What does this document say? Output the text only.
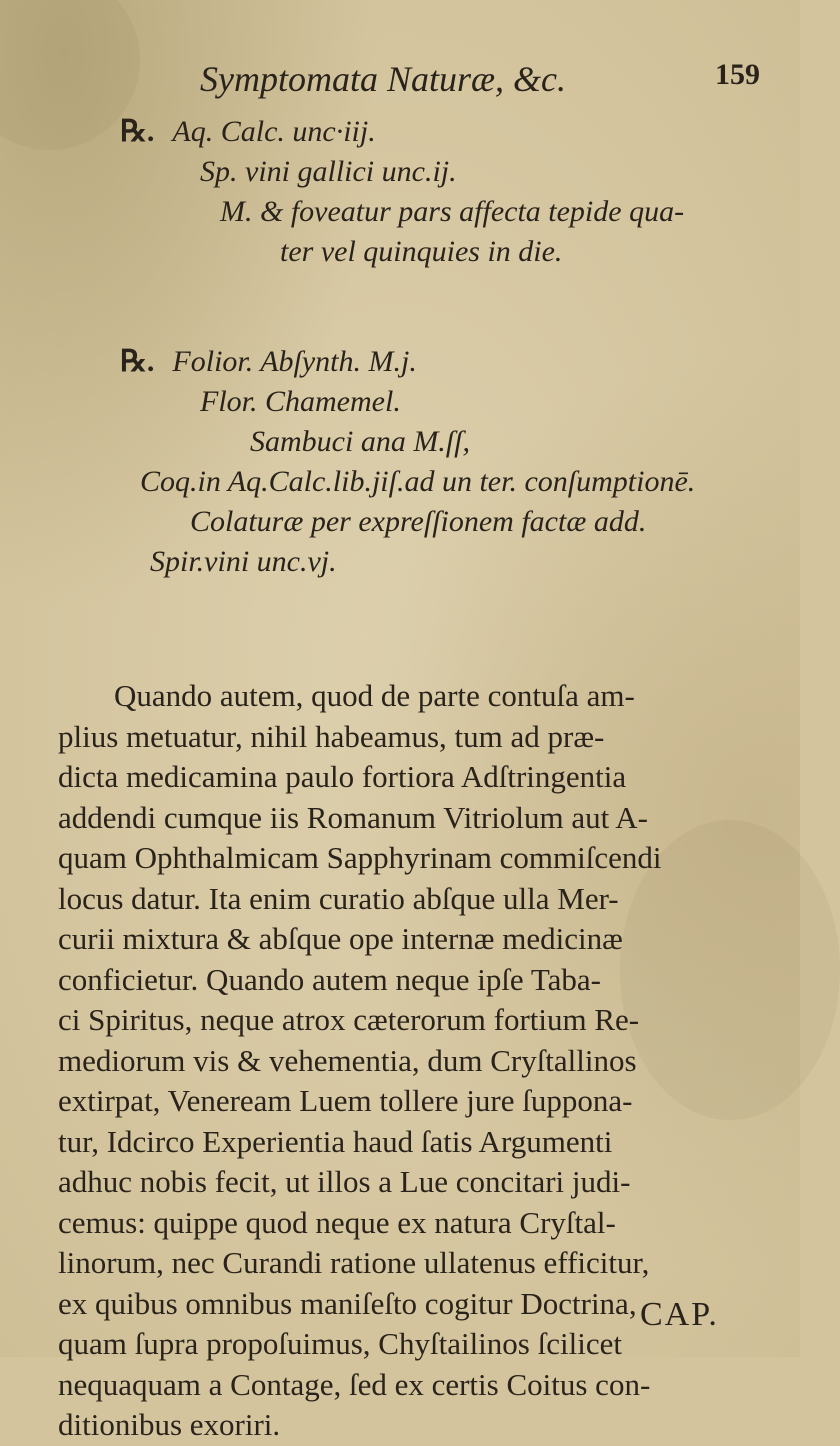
Symptomata Naturæ, &c.	159
℞. Aq. Calc. unc·iij.
Sp. vini gallici unc.ij.
M. & foveatur pars affecta tepide qua-
ter vel quinquies in die.
℞. Folior. Abſynth. M.j.
Flor. Chamemel.
Sambuci ana M.ſſ,
Coq.in Aq.Calc.lib.jiſ.ad un ter. conſumptionē.
Colaturæ per expreſſionem factæ add.
Spir.vini unc.vj.
Quando autem, quod de parte contuſa am-
plius metuatur, nihil habeamus, tum ad præ-
dicta medicamina paulo fortiora Adſtringentia
addendi cumque iis Romanum Vitriolum aut A-
quam Ophthalmicam Sapphyrinam commiſcendi
locus datur. Ita enim curatio abſque ulla Mer-
curii mixtura & abſque ope internæ medicinæ
conficietur. Quando autem neque ipſe Taba-
ci Spiritus, neque atrox cæterorum fortium Re-
mediorum vis & vehementia, dum Cryſtallinos
extirpat, Veneream Luem tollere jure ſuppona-
tur, Idcirco Experientia haud ſatis Argumenti
adhuc nobis fecit, ut illos a Lue concitari judi-
cemus: quippe quod neque ex natura Cryſtal-
linorum, nec Curandi ratione ullatenus efficitur,
ex quibus omnibus maniſeſto cogitur Doctrina,
quam ſupra propoſuimus, Chyſtailinos ſcilicet
nequaquam a Contage, ſed ex certis Coitus con-
ditionibus exoriri.
CAP.
